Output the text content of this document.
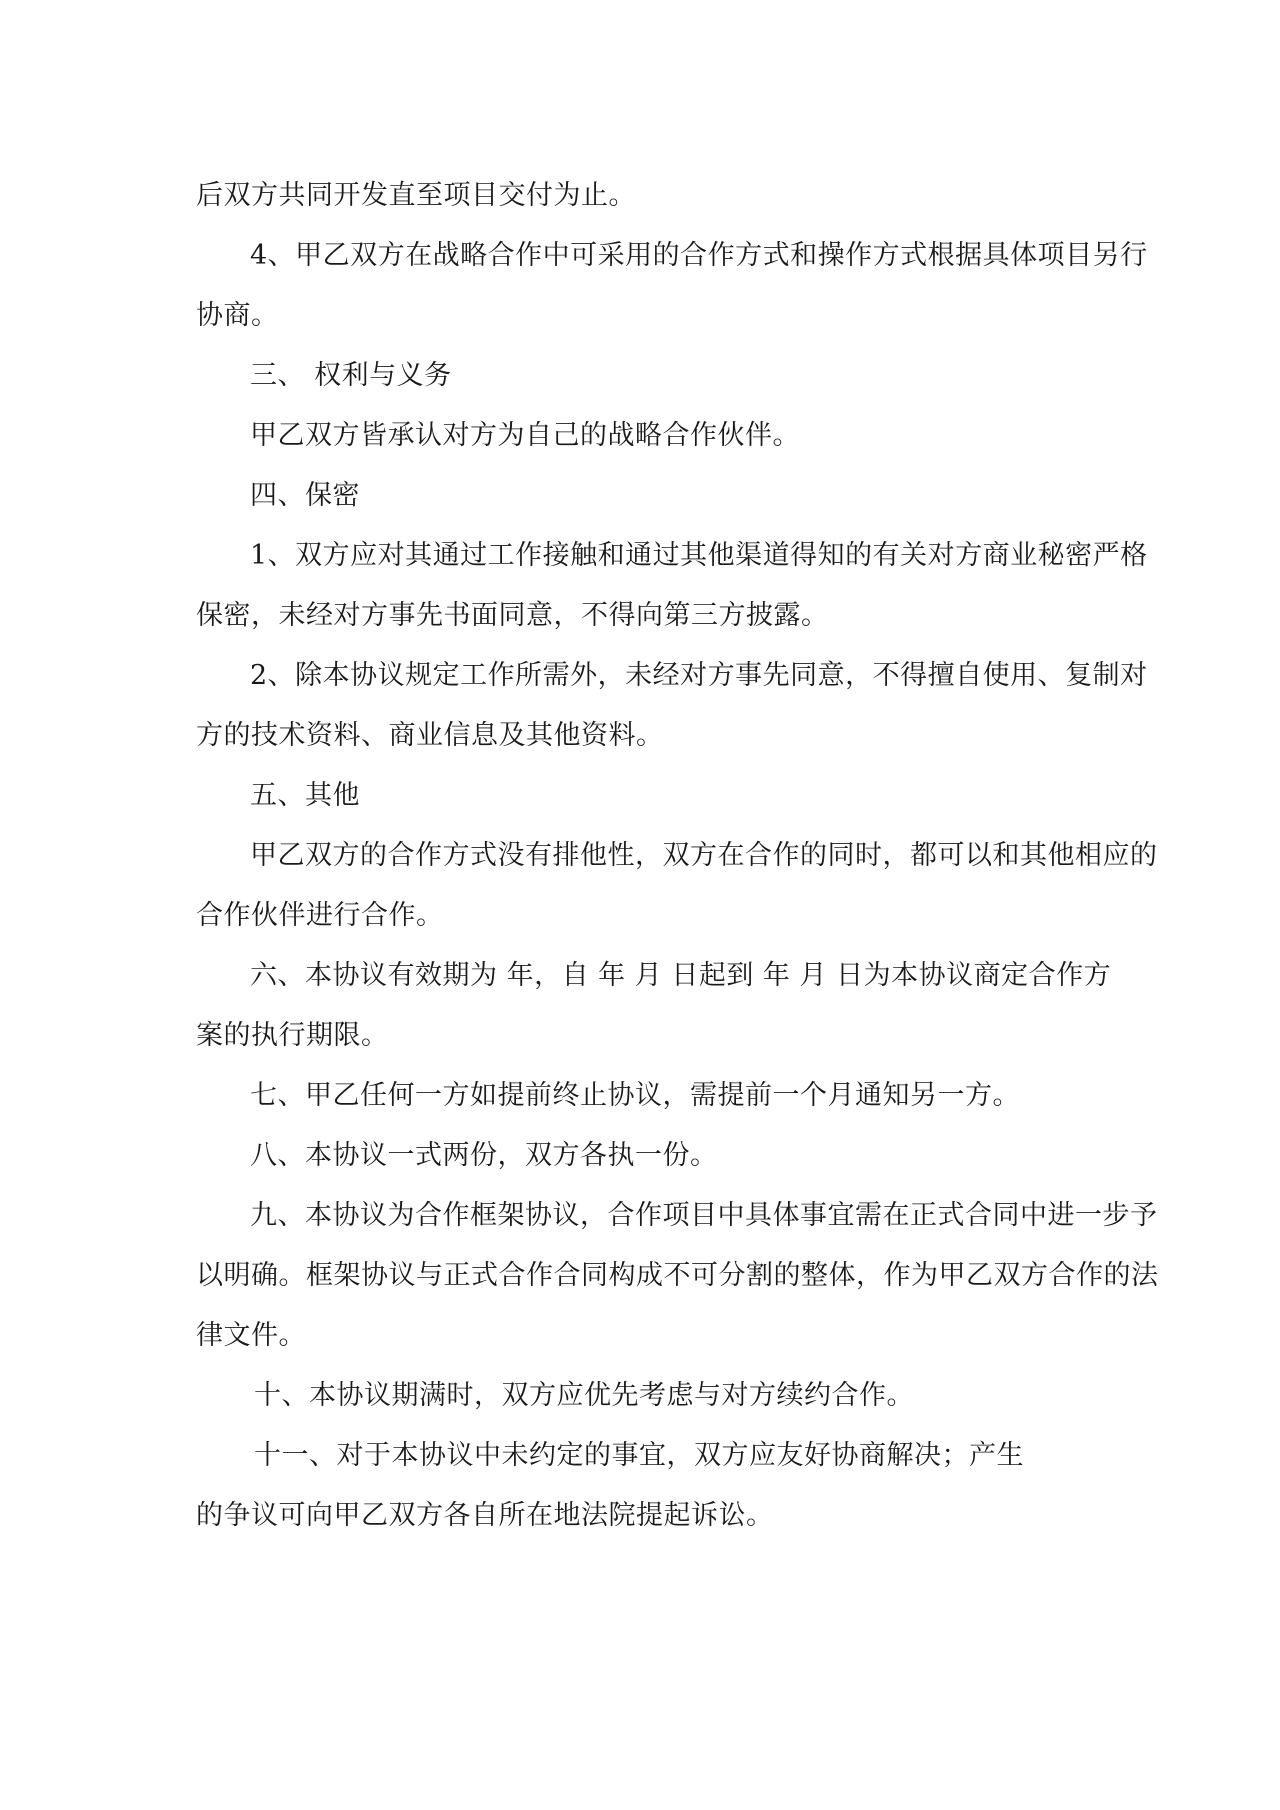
后双方共同开发直至项目交付为止。
4、甲乙双方在战略合作中可采用的合作方式和操作方式根据具体项目另行
协商。
三、 权利与义务
甲乙双方皆承认对方为自己的战略合作伙伴。
四、保密
1、双方应对其通过工作接触和通过其他渠道得知的有关对方商业秘密严格
保密，未经对方事先书面同意，不得向第三方披露。
2、除本协议规定工作所需外，未经对方事先同意，不得擅自使用、复制对
方的技术资料、商业信息及其他资料。
五、其他
甲乙双方的合作方式没有排他性，双方在合作的同时，都可以和其他相应的
合作伙伴进行合作。
六、本协议有效期为 年，自 年 月 日起到 年 月 日为本协议商定合作方
案的执行期限。
七、甲乙任何一方如提前终止协议，需提前一个月通知另一方。
八、本协议一式两份，双方各执一份。
九、本协议为合作框架协议，合作项目中具体事宜需在正式合同中进一步予
以明确。框架协议与正式合作合同构成不可分割的整体，作为甲乙双方合作的法
律文件。
十、本协议期满时，双方应优先考虑与对方续约合作。
十一、对于本协议中未约定的事宜，双方应友好协商解决；产生
的争议可向甲乙双方各自所在地法院提起诉讼。
